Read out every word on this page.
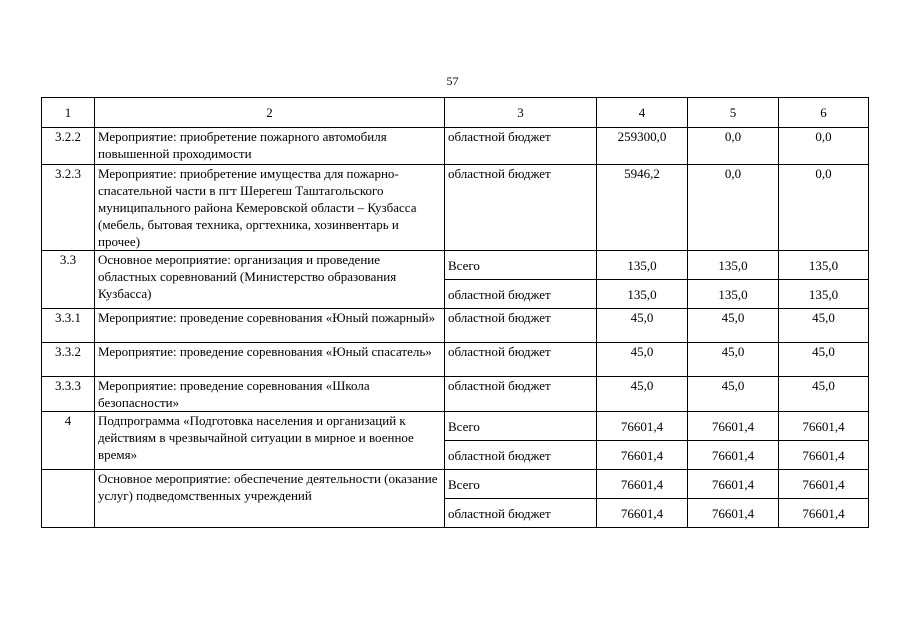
57
1	2	3	4	5	6
3.2.2	Мероприятие: приобретение пожарного автомобиля повышенной проходимости	областной бюджет	259300,0	0,0	0,0
3.2.3	Мероприятие: приобретение имущества для пожарно-спасательной части в пгт Шерегеш Таштагольского муниципального района Кемеровской области – Кузбасса (мебель, бытовая техника, оргтехника, хозинвентарь и прочее)	областной бюджет	5946,2	0,0	0,0
3.3	Основное мероприятие: организация и проведение областных соревнований (Министерство образования Кузбасса)	Всего	135,0	135,0	135,0
		областной бюджет	135,0	135,0	135,0
3.3.1	Мероприятие: проведение соревнования «Юный пожарный»	областной бюджет	45,0	45,0	45,0
3.3.2	Мероприятие: проведение соревнования «Юный спасатель»	областной бюджет	45,0	45,0	45,0
3.3.3	Мероприятие: проведение соревнования «Школа безопасности»	областной бюджет	45,0	45,0	45,0
4	Подпрограмма «Подготовка населения и организаций к действиям в чрезвычайной ситуации в мирное и военное время»	Всего	76601,4	76601,4	76601,4
		областной бюджет	76601,4	76601,4	76601,4
	Основное мероприятие: обеспечение деятельности (оказание услуг) подведомственных учреждений	Всего	76601,4	76601,4	76601,4
		областной бюджет	76601,4	76601,4	76601,4
